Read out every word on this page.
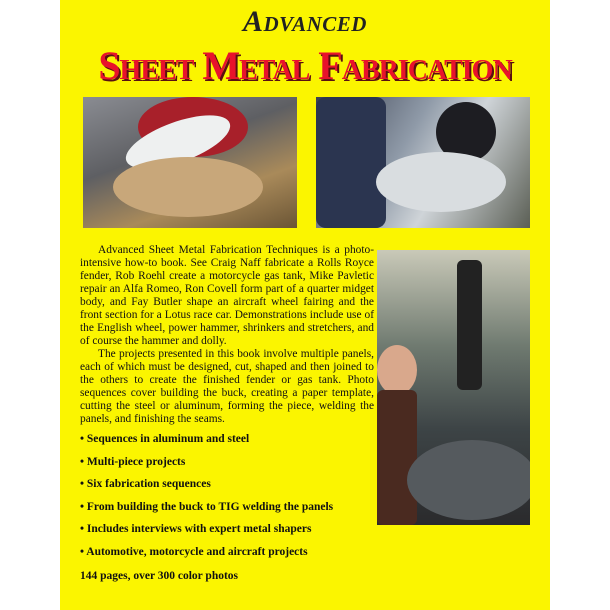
Advanced
Sheet Metal Fabrication

Advanced Sheet Metal Fabrication Techniques is a photo-intensive how-to book. See Craig Naff fabricate a Rolls Royce fender, Rob Roehl create a motorcycle gas tank, Mike Pavletic repair an Alfa Romeo, Ron Covell form part of a quarter midget body, and Fay Butler shape an aircraft wheel fairing and the front section for a Lotus race car. Demonstrations include use of the English wheel, power hammer, shrinkers and stretchers, and of course the hammer and dolly.

The projects presented in this book involve multiple panels, each of which must be designed, cut, shaped and then joined to the others to create the finished fender or gas tank. Photo sequences cover building the buck, creating a paper template, cutting the steel or aluminum, forming the piece, welding the panels, and finishing the seams.

• Sequences in aluminum and steel
• Multi-piece projects
• Six fabrication sequences
• From building the buck to TIG welding the panels
• Includes interviews with expert metal shapers
• Automotive, motorcycle and aircraft projects
144 pages, over 300 color photos
